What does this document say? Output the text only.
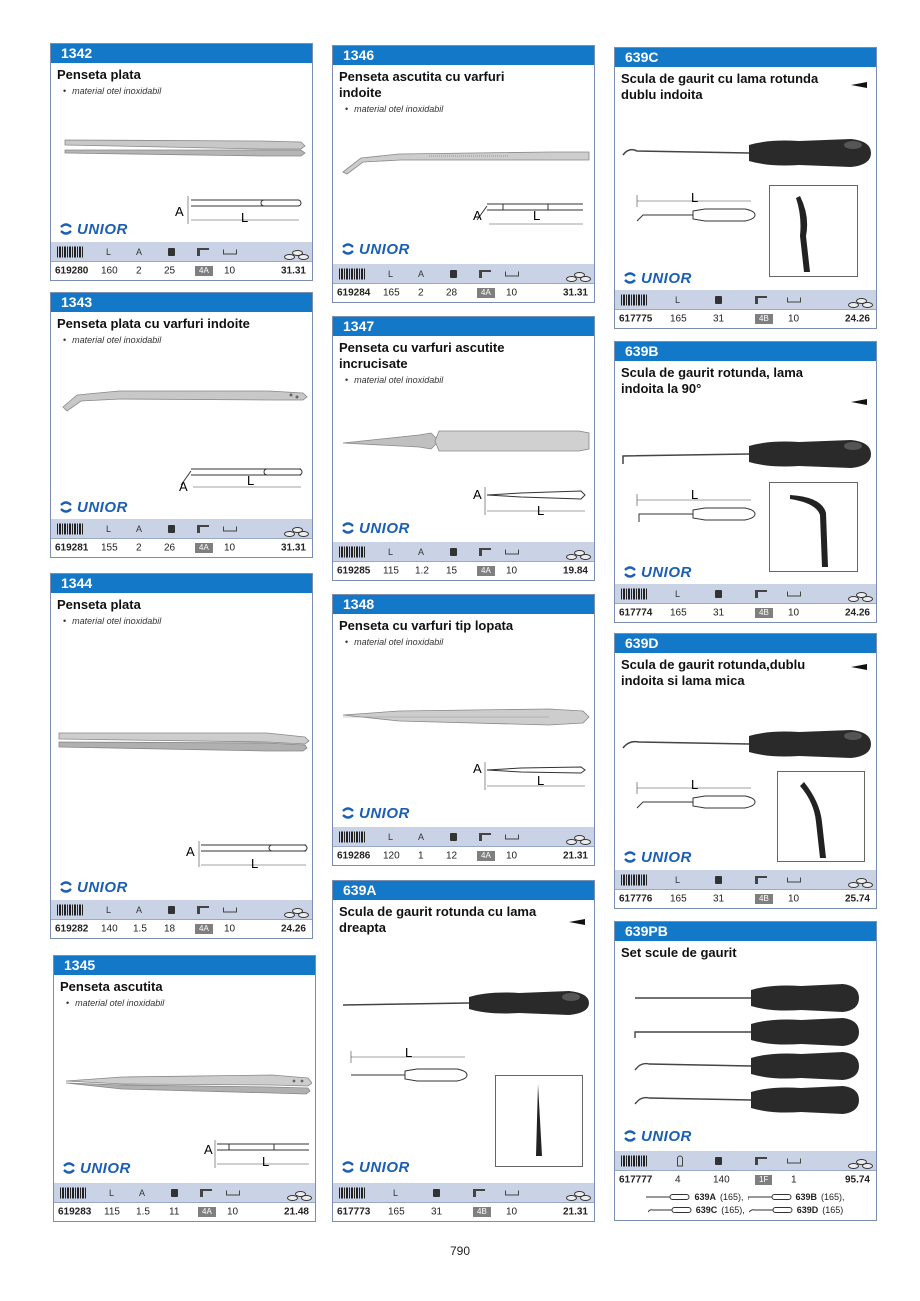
1342
Penseta plata
• material otel inoxidabil
A	L
UNIOR
L	A
619280 160 2 25	4A	10	31.31
1343
Penseta plata cu varfuri indoite
• material otel inoxidabil
A	L
UNIOR
L	A
619281 155 2 26	4A	10	31.31
1344
Penseta plata
• material otel inoxidabil
A
L
UNIOR
L	A
619282 140 1.5 18	4A	10	24.26
1345
Penseta ascutita
• material otel inoxidabil
A
L
UNIOR
L	A
619283 115 1.5 11	4A	10	21.48
1346
Penseta ascutita cu varfuri indoite
• material otel inoxidabil
A	L
UNIOR
L	A
619284 165 2 28	4A	10	31.31
1347
Penseta cu varfuri ascutite incrucisate
• material otel inoxidabil
A
L
UNIOR
L	A
619285 115 1.2 15	4A	10	19.84
1348
Penseta cu varfuri tip lopata
• material otel inoxidabil
A
L
UNIOR
L	A
619286 120 1 12	4A	10	21.31
639A
Scula de gaurit rotunda cu lama dreapta
L
UNIOR
L
617773 165	31	4B	10	21.31
639C
Scula de gaurit cu lama rotunda dublu indoita
L
UNIOR
L
617775 165	31	4B	10	24.26
639B
Scula de gaurit rotunda, lama indoita la 90°
L
UNIOR
L
617774 165	31	4B	10	24.26
639D
Scula de gaurit rotunda,dublu indoita si lama mica
L
UNIOR
L
617776 165	31	4B	10	25.74
639PB
Set scule de gaurit
UNIOR
617777 4	140	1F	1	95.74
639A (165),	639B (165),
639C (165),	639D (165)
790
